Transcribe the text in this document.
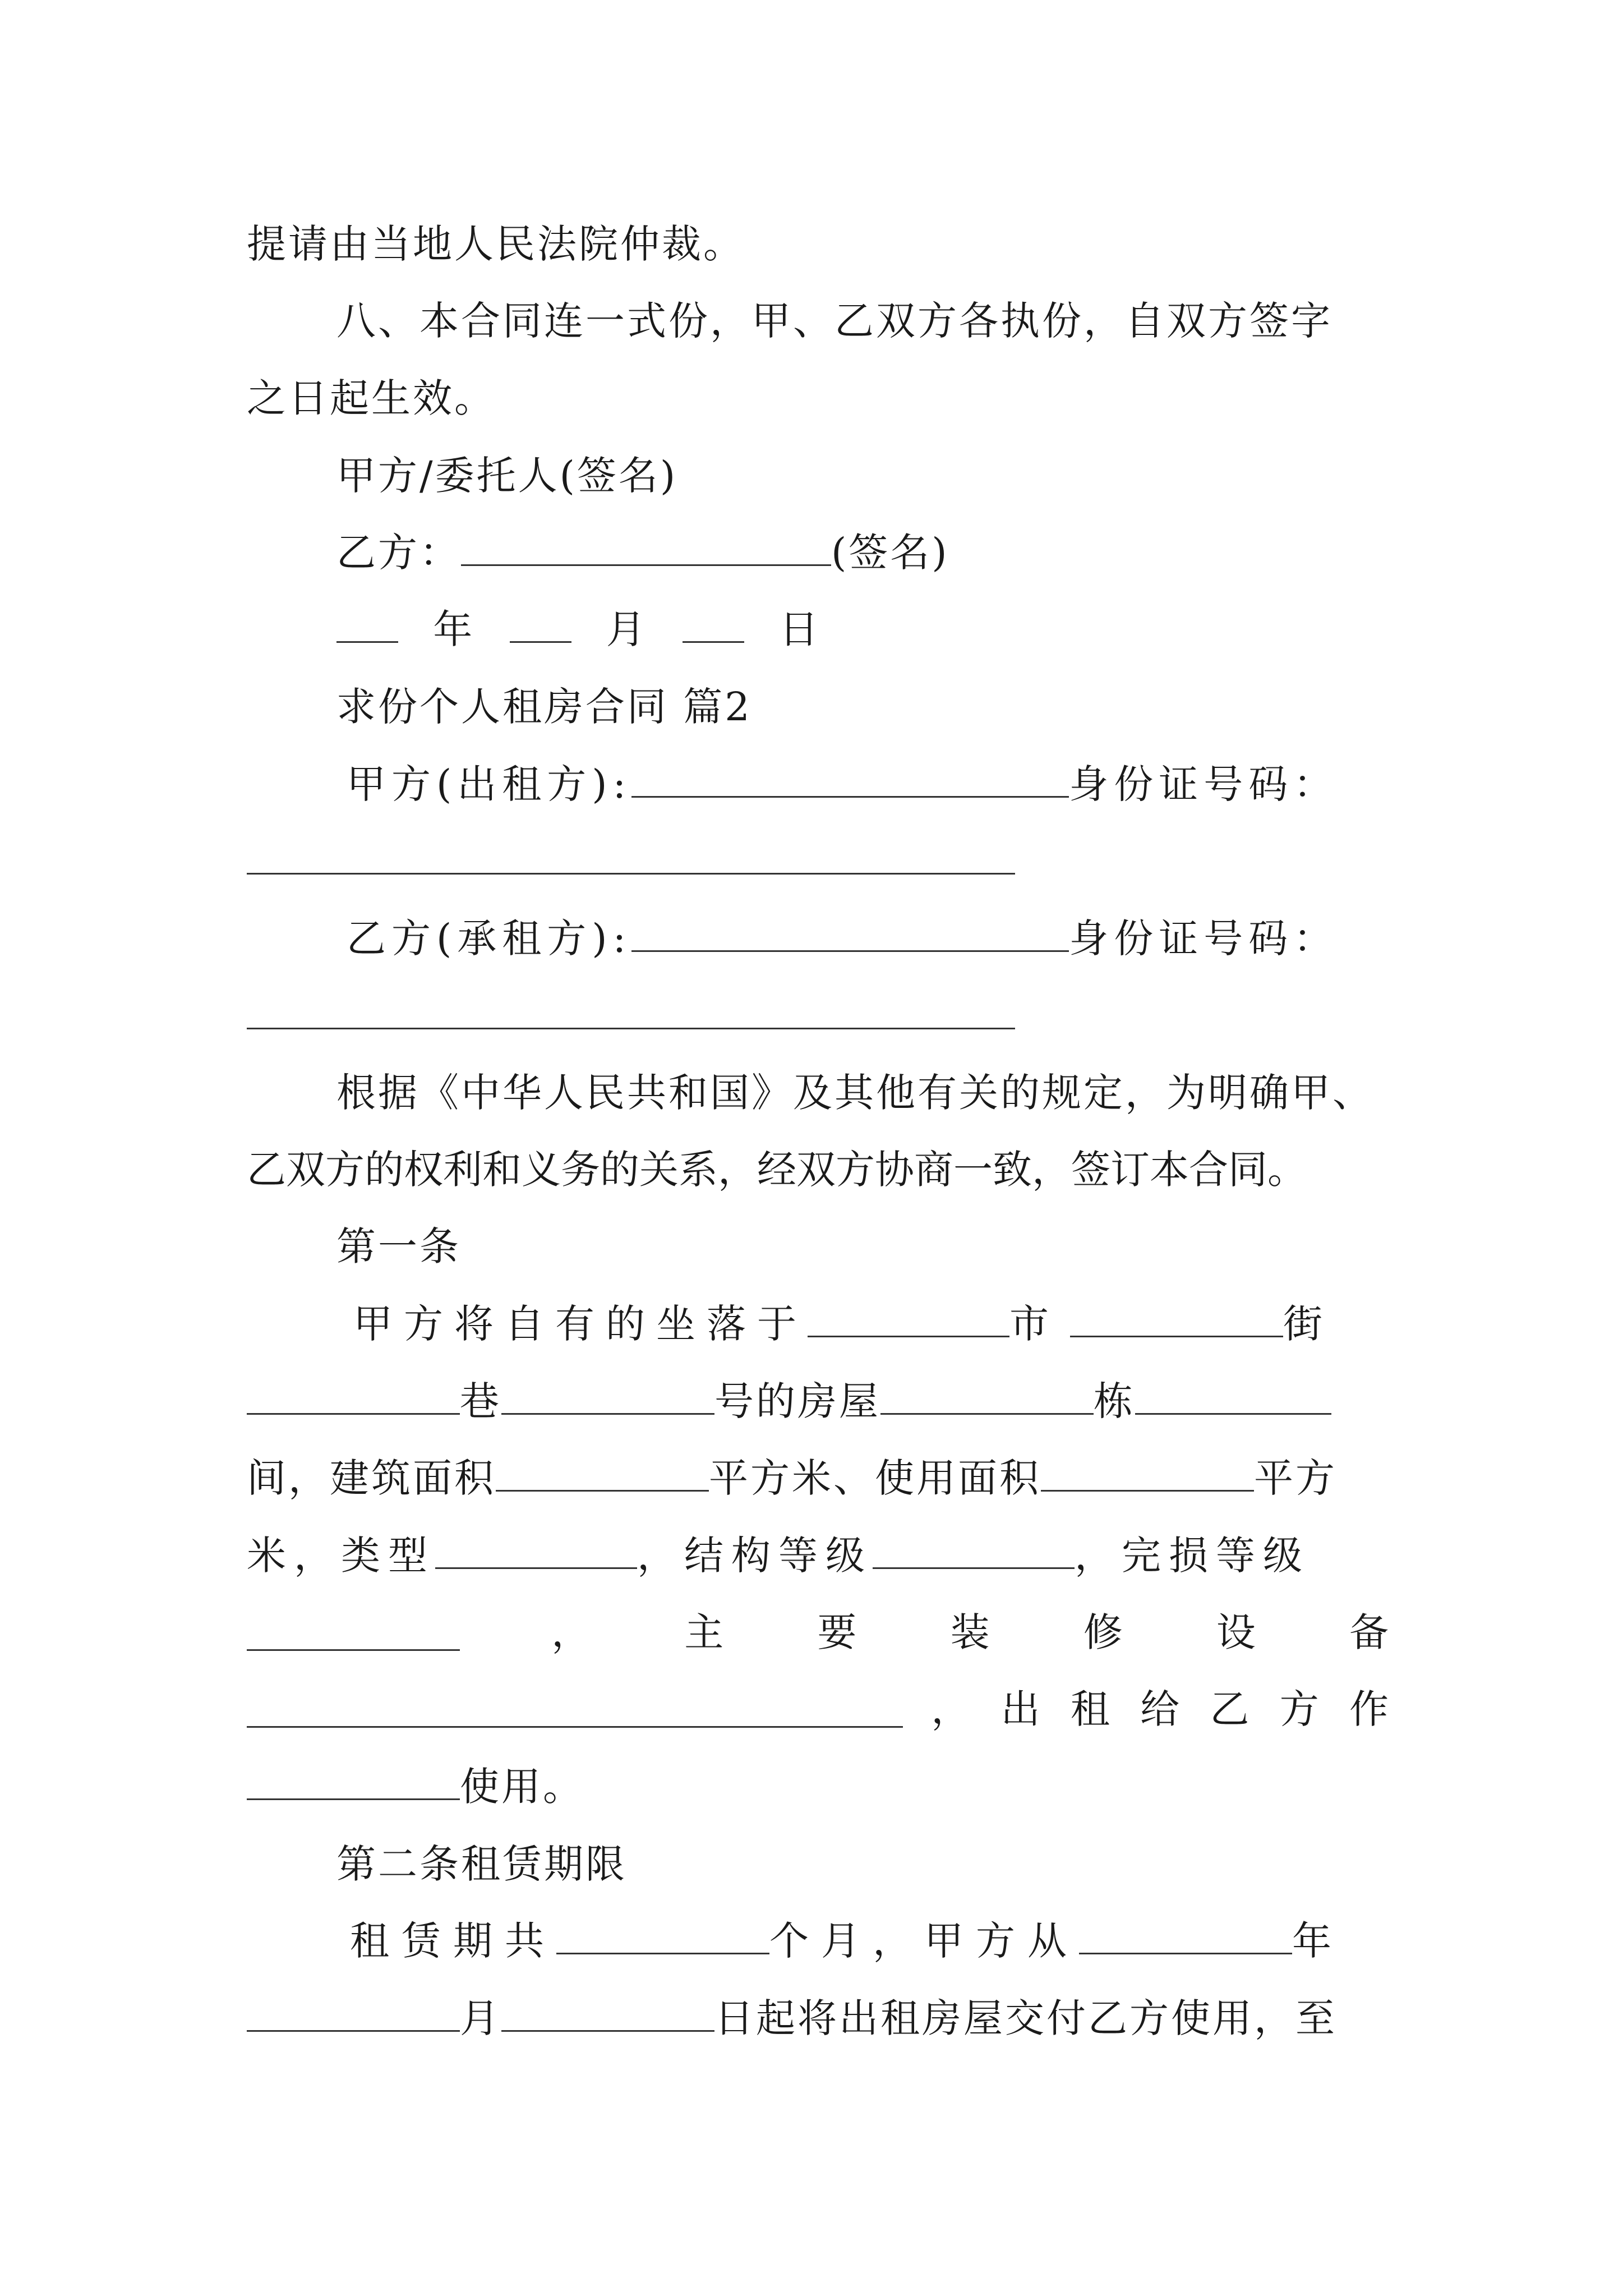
提请由当地人民法院仲裁。
八、本合同连一式份，甲、乙双方各执份，自双方签字
之日起生效。
甲方/委托人(签名)
乙方：	(签名)
年	月	日
求份个人租房合同 篇2
甲方(出租方):	身份证号码：
乙方(承租方):	身份证号码：
根据《中华人民共和国》及其他有关的规定，为明确甲、
乙双方的权利和义务的关系，经双方协商一致，签订本合同。
第一条
甲方将自有的坐落于	市	街
巷	号的房屋	栋
间，建筑面积	平方米、使用面积	平方
米，类型	，结构等级	，完损等级
， 主 要 装 修 设 备
， 出 租 给 乙 方 作
使用。
第二条租赁期限
租赁期共	个月，甲方从	年
月	日起将出租房屋交付乙方使用，至
